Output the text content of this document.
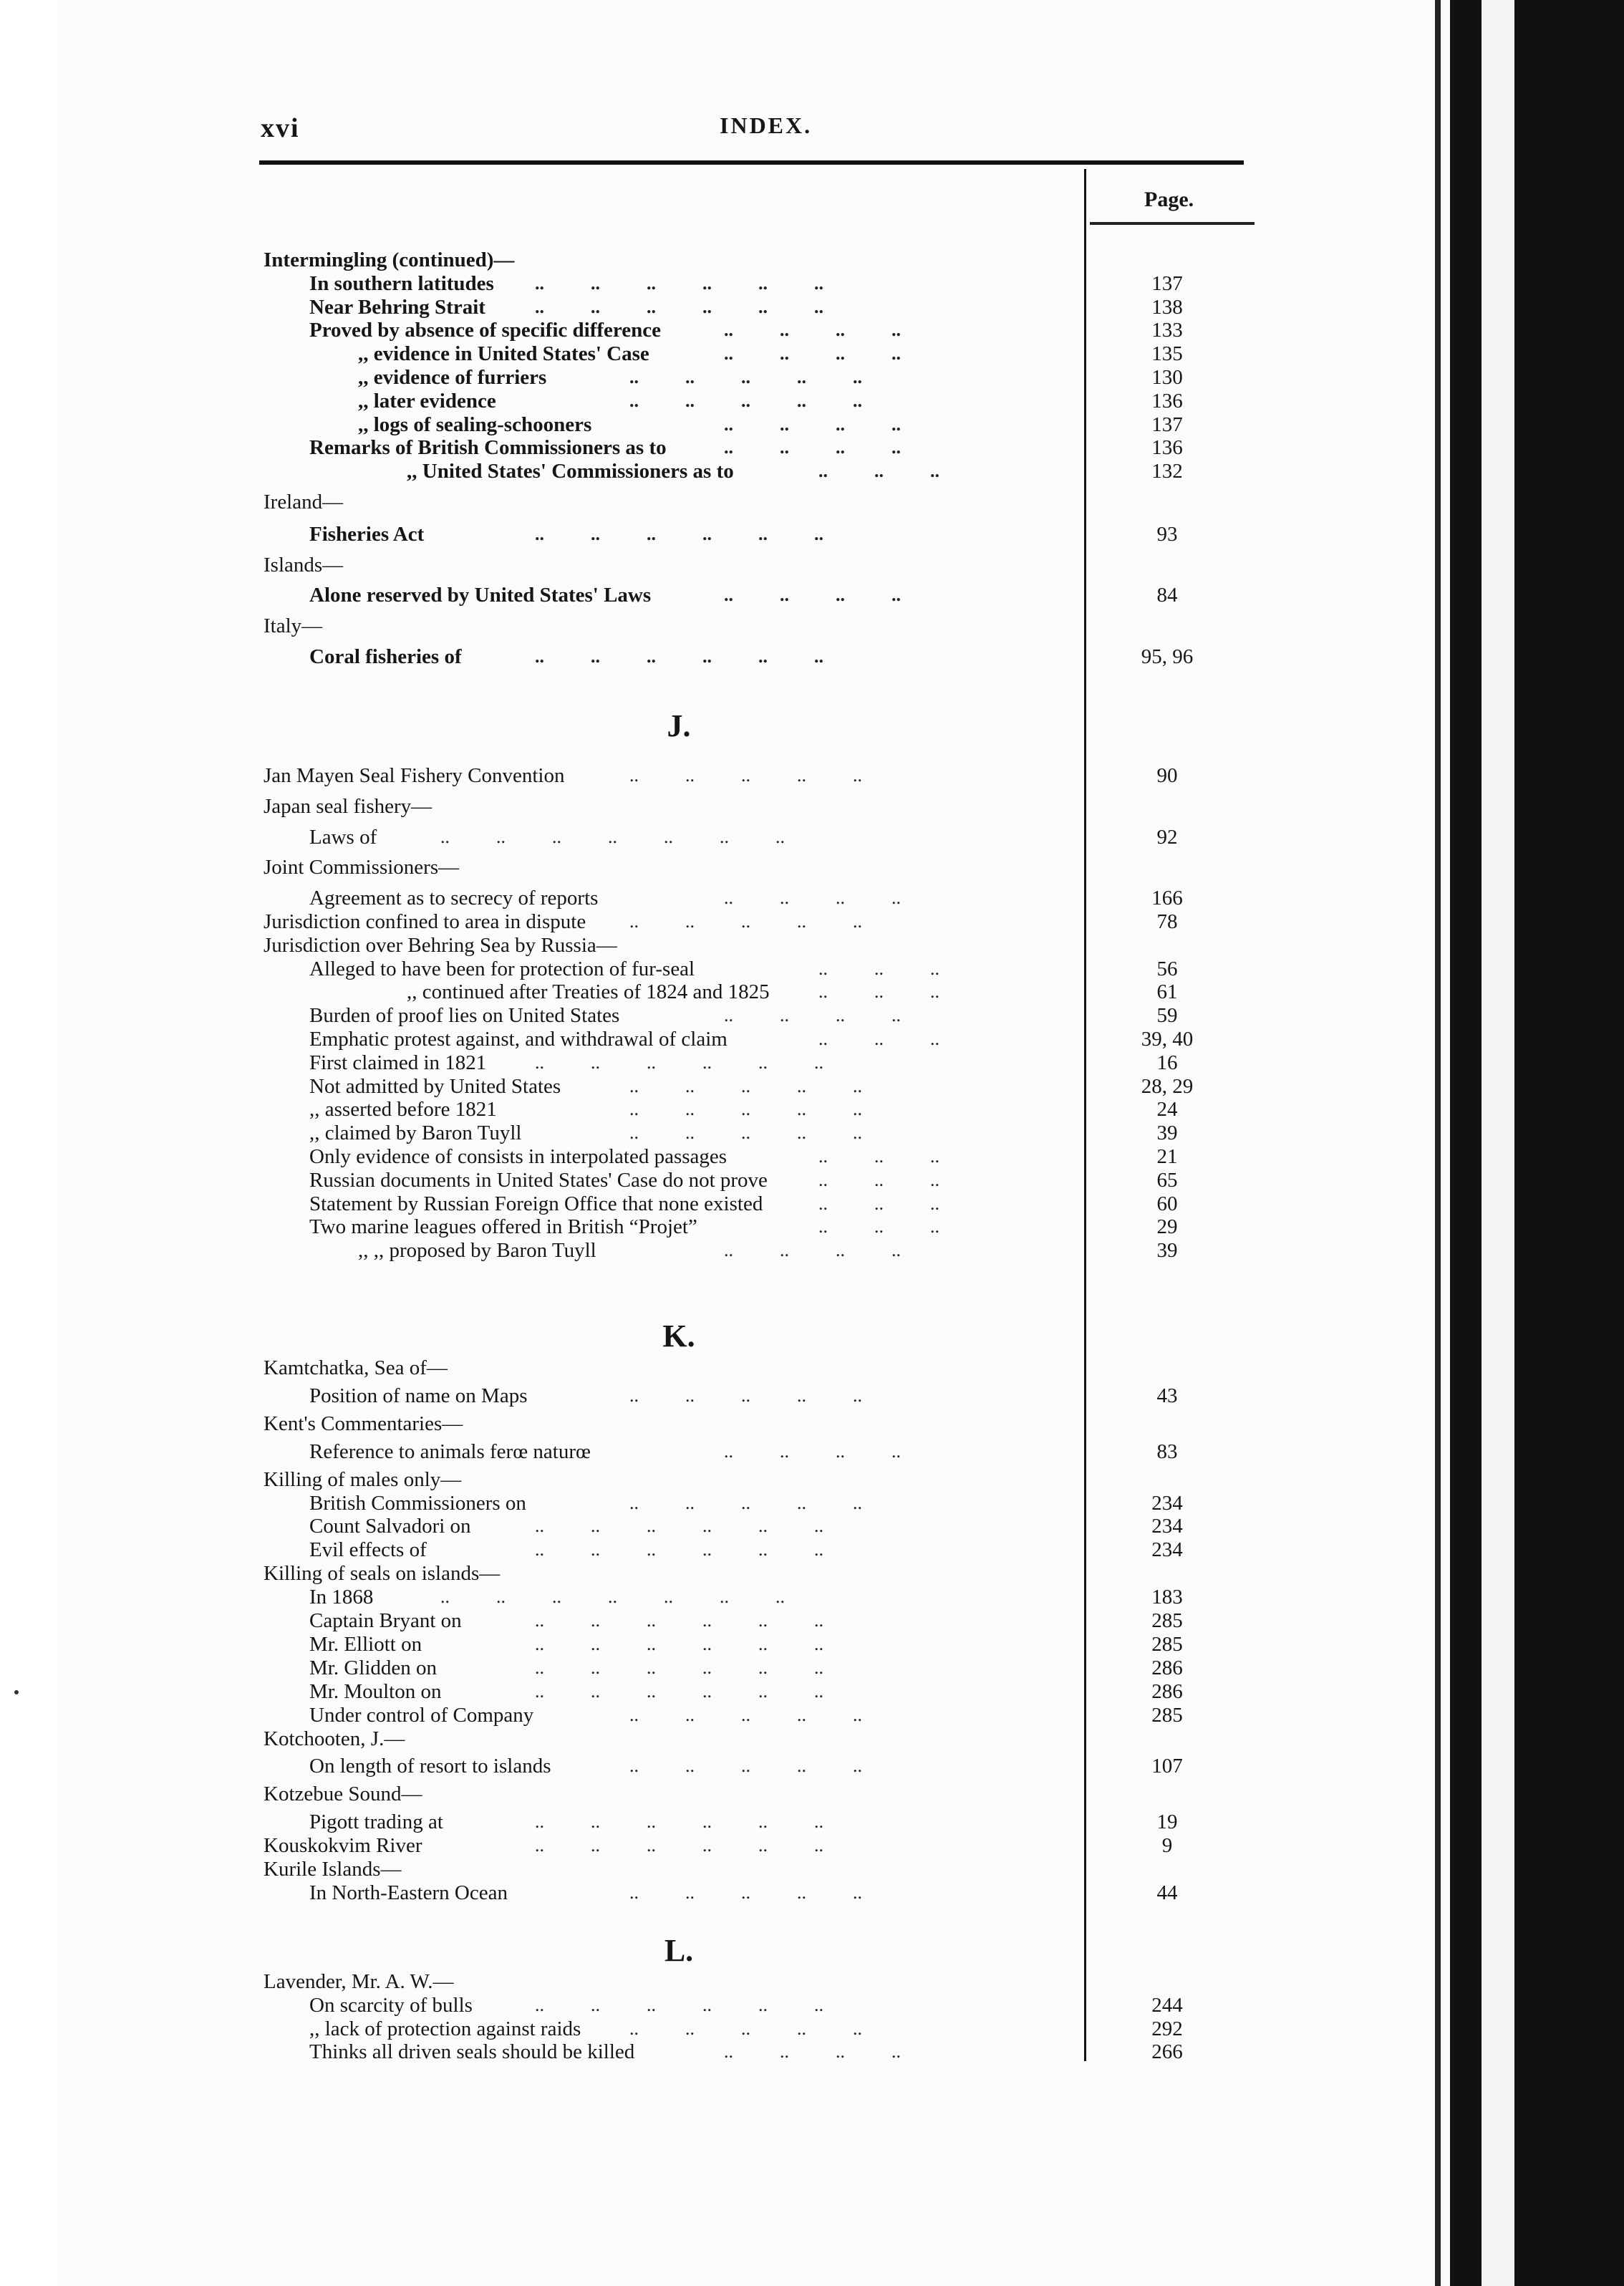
xvi	INDEX.
Page.
Intermingling (continued)—
In southern latitudes ..          ..          ..          ..          ..          ..	137
Near Behring Strait ..          ..          ..          ..          ..          ..	138
Proved by absence of specific difference ..          ..          ..          ..	133
,, evidence in United States' Case	..          ..          ..          ..	135
,, evidence of furriers	..          ..          ..          ..          ..	130
,, later evidence	..          ..          ..          ..          ..	136
,, logs of sealing-schooners	..          ..          ..          ..	137
Remarks of British Commissioners as to ..          ..          ..          ..	136
,, United States' Commissioners as to	..          ..          ..	132
Ireland—
Fisheries Act	..          ..          ..          ..          ..          ..	93
Islands—
Alone reserved by United States' Laws ..          ..          ..          ..	84
Italy—
Coral fisheries of ..          ..          ..          ..          ..          ..	95, 96
J.
Jan Mayen Seal Fishery Convention ..          ..          ..          ..          ..	90
Japan seal fishery—
Laws of ..          ..          ..          ..          ..          ..          ..	92
Joint Commissioners—
Agreement as to secrecy of reports	..          ..          ..          ..	166
Jurisdiction confined to area in dispute ..          ..          ..          ..          ..	78
Jurisdiction over Behring Sea by Russia—
Alleged to have been for protection of fur-seal	..          ..          ..	56
,, continued after Treaties of 1824 and 1825 ..          ..          ..	61
Burden of proof lies on United States	..          ..          ..          ..	59
Emphatic protest against, and withdrawal of claim	..          ..          ..	39, 40
First claimed in 1821 ..          ..          ..          ..          ..          ..	16
Not admitted by United States ..          ..          ..          ..          ..	28, 29
,, asserted before 1821	..          ..          ..          ..          ..	24
,, claimed by Baron Tuyll	..          ..          ..          ..          ..	39
Only evidence of consists in interpolated passages	..          ..          ..	21
Russian documents in United States' Case do not prove ..          ..          ..	65
Statement by Russian Foreign Office that none existed ..          ..          ..	60
Two marine leagues offered in British “Projet”	..          ..          ..	29
,, ,, proposed by Baron Tuyll	..          ..          ..          ..	39
K.
Kamtchatka, Sea of—
Position of name on Maps	..          ..          ..          ..          ..	43
Kent's Commentaries—
Reference to animals ferœ naturœ	..          ..          ..          ..	83
Killing of males only—
British Commissioners on	..          ..          ..          ..          ..	234
Count Salvadori on ..          ..          ..          ..          ..          ..	234
Evil effects of	..          ..          ..          ..          ..          ..	234
Killing of seals on islands—
In 1868 ..          ..          ..          ..          ..          ..          ..	183
Captain Bryant on ..          ..          ..          ..          ..          ..	285
Mr. Elliott on	..          ..          ..          ..          ..          ..	285
Mr. Glidden on	..          ..          ..          ..          ..          ..	286
Mr. Moulton on	..          ..          ..          ..          ..          ..	286
Under control of Company	..          ..          ..          ..          ..	285
Kotchooten, J.—
On length of resort to islands	..          ..          ..          ..          ..	107
Kotzebue Sound—
Pigott trading at	..          ..          ..          ..          ..          ..	19
Kouskokvim River	..          ..          ..          ..          ..          ..	9
Kurile Islands—
In North-Eastern Ocean	..          ..          ..          ..          ..	44
L.
Lavender, Mr. A. W.—
On scarcity of bulls ..          ..          ..          ..          ..          ..	244
,, lack of protection against raids ..          ..          ..          ..          ..	292
Thinks all driven seals should be killed	..          ..          ..          ..	266
